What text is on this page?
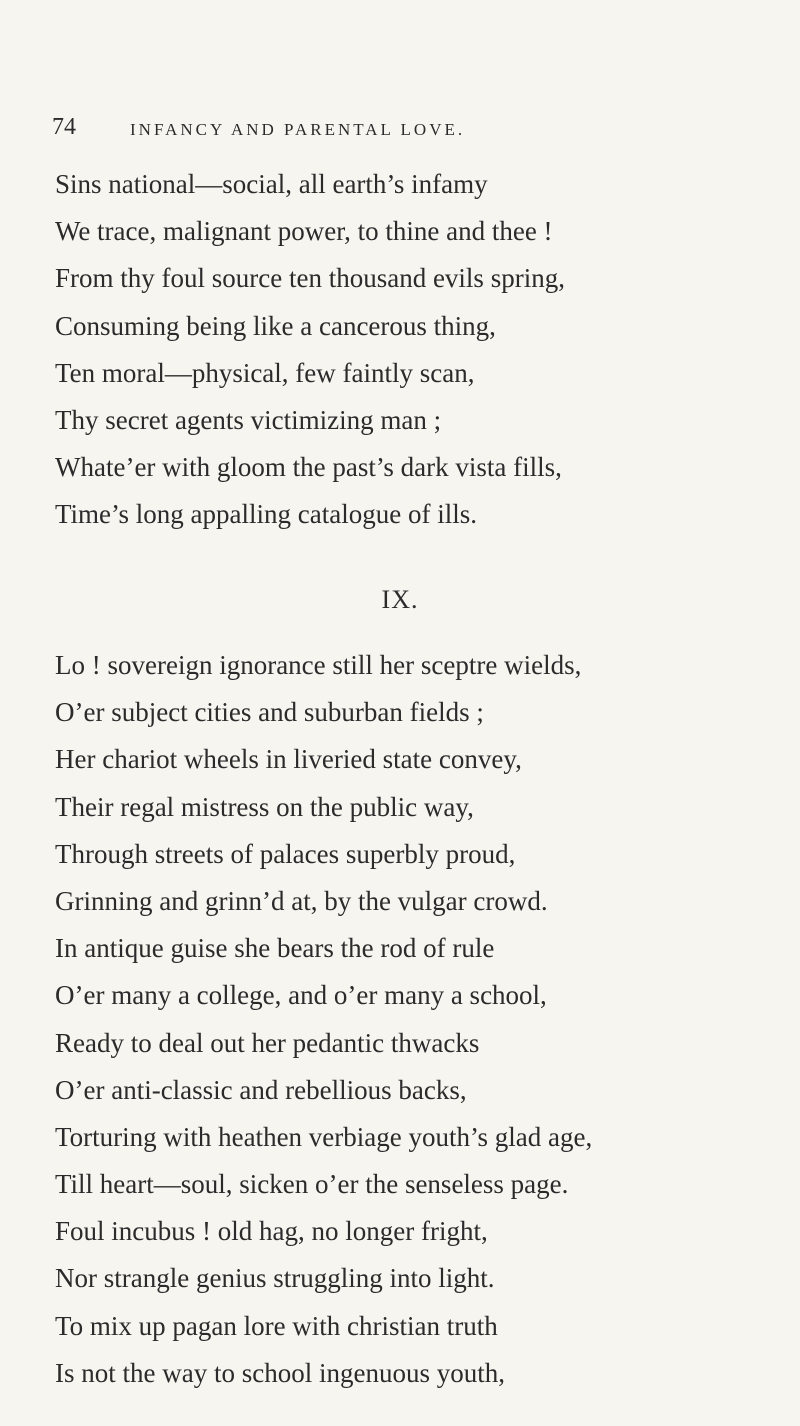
74	INFANCY AND PARENTAL LOVE.
Sins national—social, all earth’s infamy
We trace, malignant power, to thine and thee !
From thy foul source ten thousand evils spring,
Consuming being like a cancerous thing,
Ten moral—physical, few faintly scan,
Thy secret agents victimizing man ;
Whate’er with gloom the past’s dark vista fills,
Time’s long appalling catalogue of ills.
IX.
Lo ! sovereign ignorance still her sceptre wields,
O’er subject cities and suburban fields ;
Her chariot wheels in liveried state convey,
Their regal mistress on the public way,
Through streets of palaces superbly proud,
Grinning and grinn’d at, by the vulgar crowd.
In antique guise she bears the rod of rule
O’er many a college, and o’er many a school,
Ready to deal out her pedantic thwacks
O’er anti-classic and rebellious backs,
Torturing with heathen verbiage youth’s glad age,
Till heart—soul, sicken o’er the senseless page.
Foul incubus ! old hag, no longer fright,
Nor strangle genius struggling into light.
To mix up pagan lore with christian truth
Is not the way to school ingenuous youth,
